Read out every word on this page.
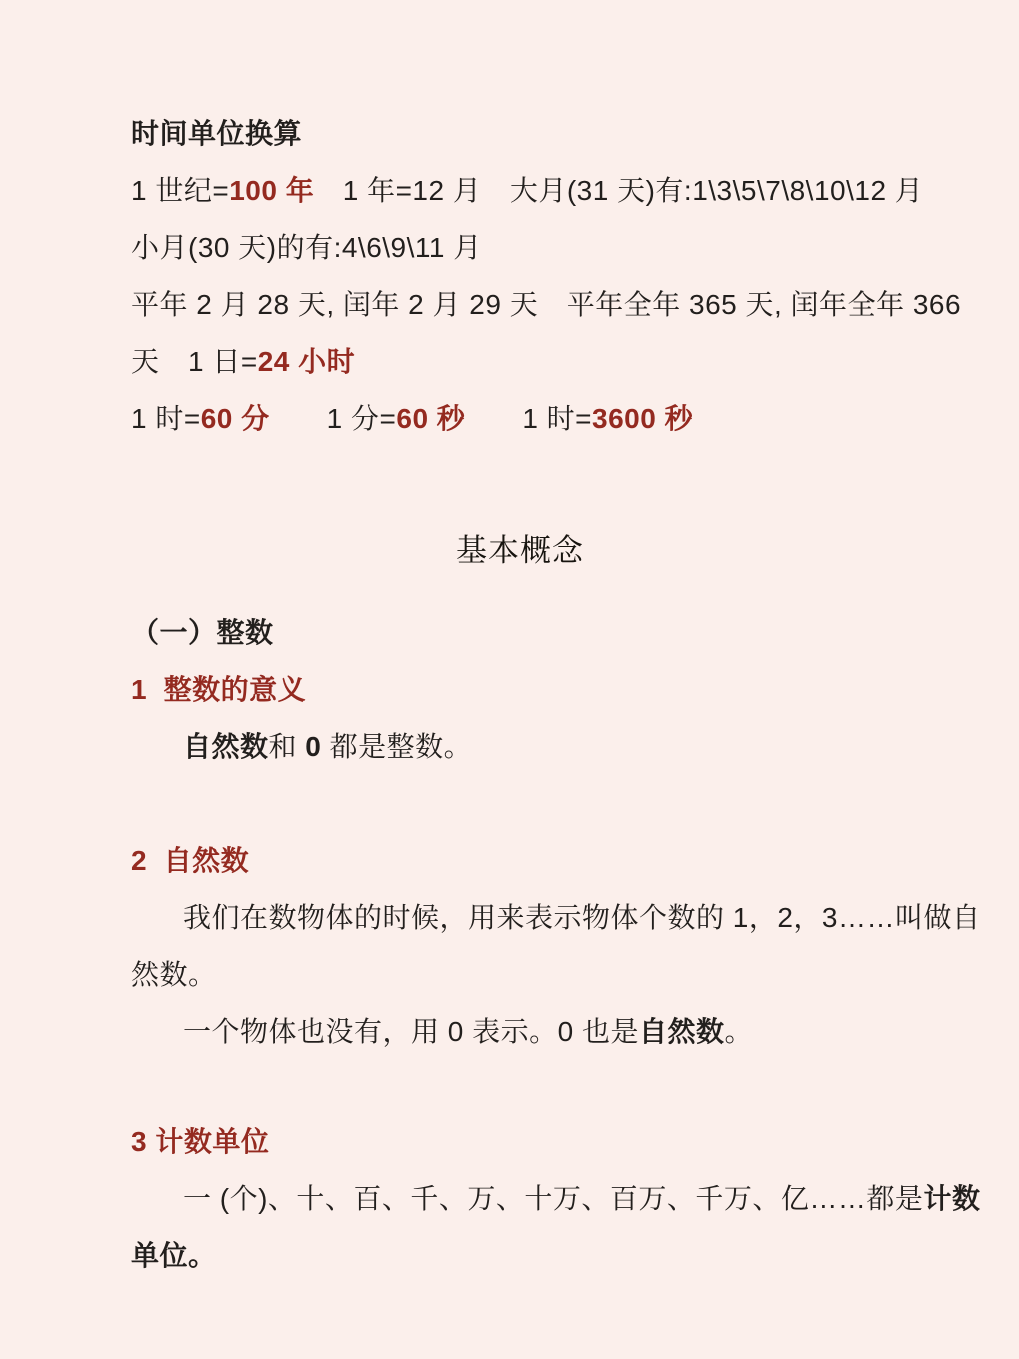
时间单位换算
1 世纪=100 年　1 年=12 月　大月(31 天)有:1\3\5\7\8\10\12 月
小月(30 天)的有:4\6\9\11 月
平年 2 月 28 天, 闰年 2 月 29 天　平年全年 365 天, 闰年全年 366
天　1 日=24 小时
1 时=60 分　　1 分=60 秒　　1 时=3600 秒
基本概念
（一）整数
1  整数的意义
自然数和 0 都是整数。
2  自然数
我们在数物体的时候，用来表示物体个数的 1，2，3……叫做自
然数。
一个物体也没有，用 0 表示。0 也是自然数。
3 计数单位
一 (个)、十、百、千、万、十万、百万、千万、亿……都是计数
单位。
